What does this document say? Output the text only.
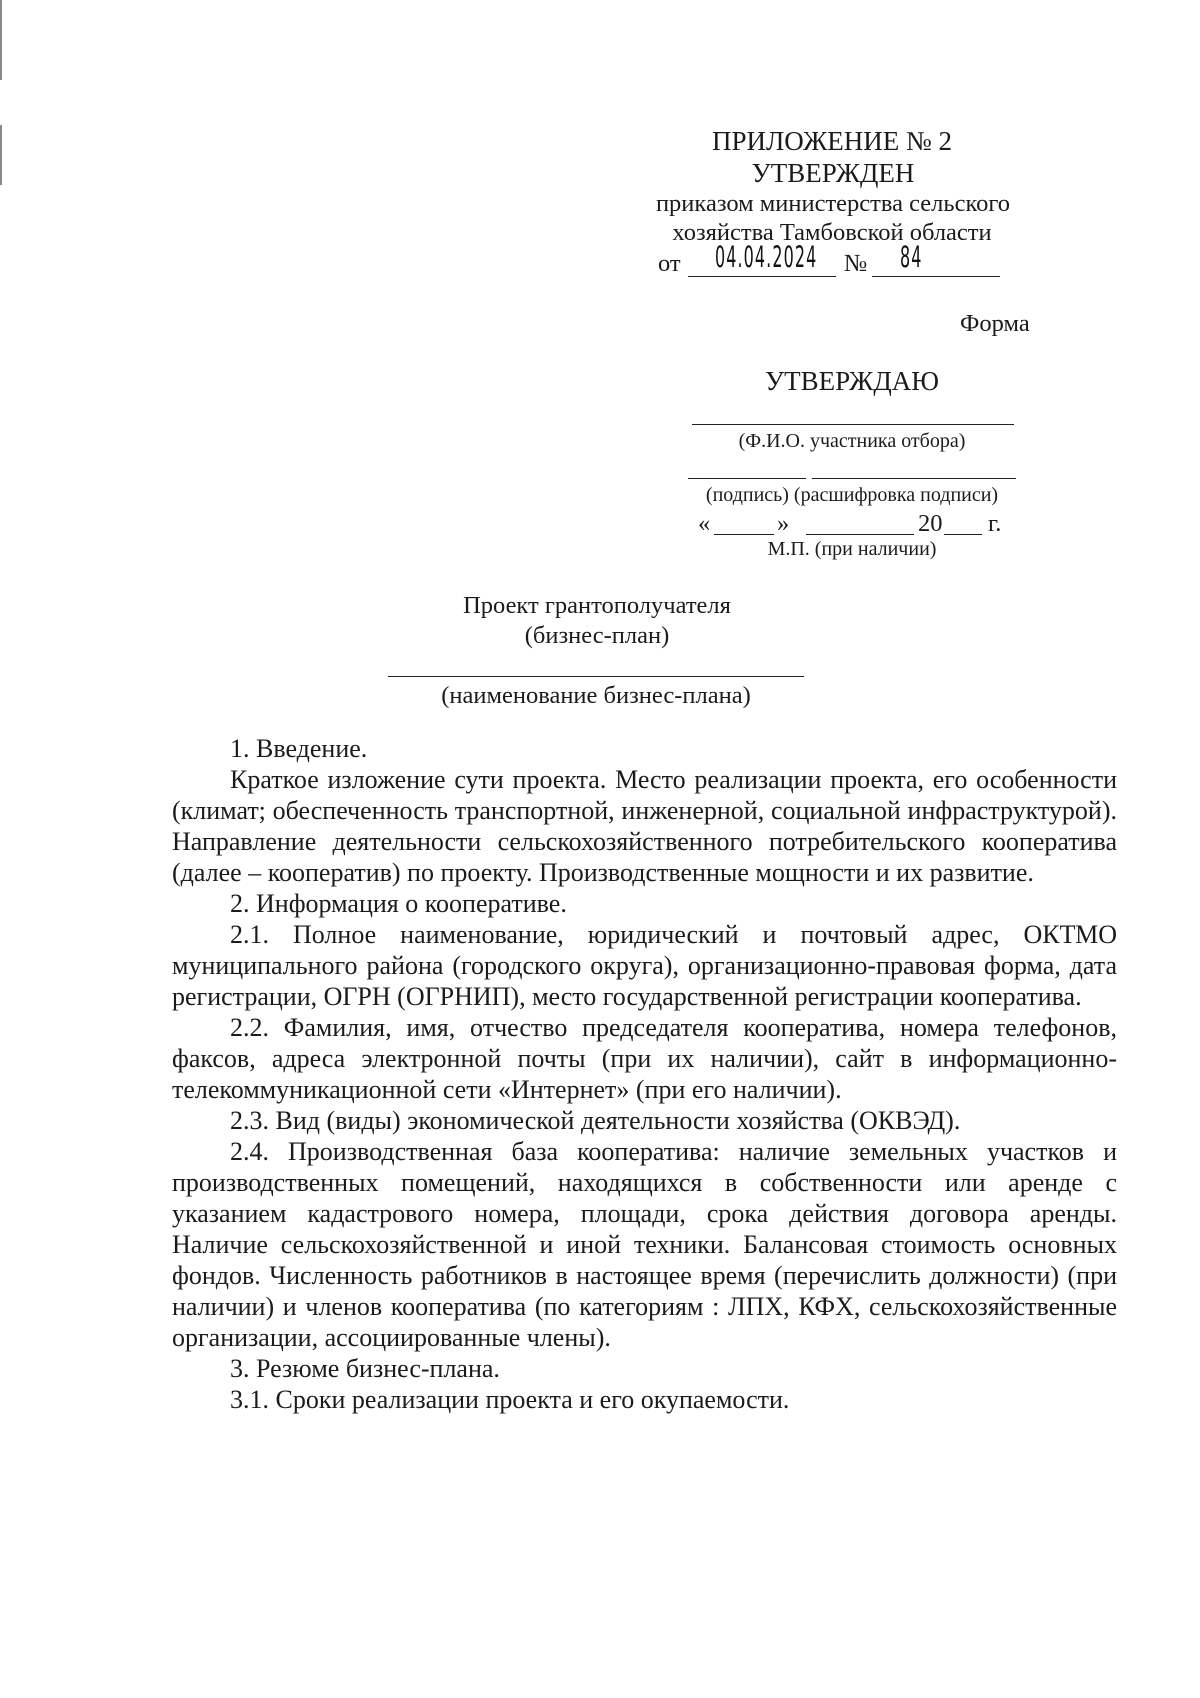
ПРИЛОЖЕНИЕ № 2
УТВЕРЖДЕН
приказом министерства сельского
хозяйства Тамбовской области
от 04.04.2024 № 84
Форма
УТВЕРЖДАЮ
(Ф.И.О. участника отбора)
(подпись) (расшифровка подписи)
«	»	20 г.
М.П. (при наличии)
Проект грантополучателя
(бизнес-план)
(наименование бизнес-плана)

1. Введение.

Краткое изложение сути проекта. Место реализации проекта, его особенности (климат; обеспеченность транспортной, инженерной, социальной инфраструктурой). Направление деятельности сельскохозяйственного потребительского кооператива (далее – кооператив) по проекту. Производственные мощности и их развитие.

2. Информация о кооперативе.

2.1. Полное наименование, юридический и почтовый адрес, ОКТМО муниципального района (городского округа), организационно-правовая форма, дата регистрации, ОГРН (ОГРНИП), место государственной регистрации кооператива.

2.2. Фамилия, имя, отчество председателя кооператива, номера телефонов, факсов, адреса электронной почты (при их наличии), сайт в информационно-телекоммуникационной сети «Интернет» (при его наличии).

2.3. Вид (виды) экономической деятельности хозяйства (ОКВЭД).

2.4. Производственная база кооператива: наличие земельных участков и производственных помещений, находящихся в собственности или аренде с указанием кадастрового номера, площади, срока действия договора аренды. Наличие сельскохозяйственной и иной техники. Балансовая стоимость основных фондов. Численность работников в настоящее время (перечислить должности) (при наличии) и членов кооператива (по категориям : ЛПХ, КФХ, сельскохозяйственные организации, ассоциированные члены).

3. Резюме бизнес-плана.

3.1. Сроки реализации проекта и его окупаемости.
